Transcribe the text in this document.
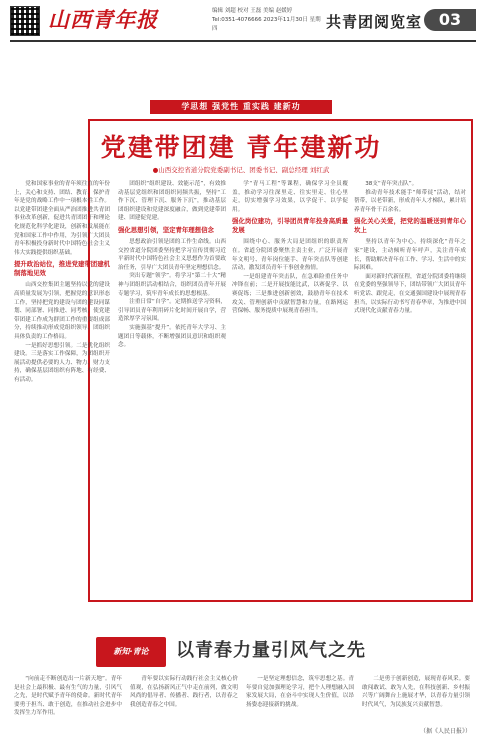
山西青年报	编辑 刘超 校对 王磊 美编 赵媛婷
Tel:0351-4076666 2023年11月30日 星期四	共青团阅览室	03
学思想 强党性 重实践 建新功
党建带团建 青年建新功
●山西交控省道分院党委副书记、团委书记、副总经理 刘红武
党和国家事业的青年须往直的年份上，关心和支持、团结、教育、保护青年是党的战略工作中一项根本性工作。以党建带团建全面从严治团推进共青团事业改革创新，促进共青团团干和理论化规范化科学化建设，创新和发展能在党和国家工作中作用，为引领广大团员青年积极投身新时代中国特色社会主义伟大实践提供组织基础。
提升政治站位，推进党建带团建机制落地见效
山西交控集团主题坚持以党的建设高质量发展为引领，把握党的意识形态工作，坚持把党的建设与团的建设同谋划、同部署、同推进、同考核，使党建带团建工作成为群团工作的重要组成部分，持续推动形成党组织领导、团组织具体负责的工作格局。
一是抓好思想引领。二是优化组织建设。三是落实工作保障，为团组织开展活动提供必要的人力、物力、财力支持，确保基层团组织有阵地、有经费、有活动。
团组织“组织建设、效能示范”，有效推动基层党组织和团组织同频共振，坚持“工作下沉、管理下沉、服务下沉”，推动基层团组织建设和党建深度融合，做到党建带团建、团建促党建。
强化思想引领，坚定青年理想信念
思想政治引领是团的工作生命线。山西交控省道分院团委坚持把学习宣传贯彻习近平新时代中国特色社会主义思想作为首要政治任务，引导广大团员青年坚定理想信念。
突出专题“领学”。将学习“第二十大”精神与团组织活动相结合，组织团员青年开展专题学习，筑牢青年成长的思想根基。
注重日常“自学”。定期推送学习资料，引导团员青年利用碎片化时间开展自学，营造浓厚学习氛围。
实施强基“提升”。依托青年大学习、主题团日等载体，不断增强团员意识和组织观念。
学“青马工程”等课程，确保学习全员覆盖，推动学习往深里走、往实里走、往心里走，切实增强学习效果，以学促干、以学促用。
强化岗位建功，引导团员青年投身高质量发展
围绕中心、服务大局是团组织的职责所在。省道分院团委聚焦主责主业，广泛开展青年文明号、青年岗位能手、青年突击队等创建活动，激发团员青年干事创业热情。
一是组建青年突击队，在急难险重任务中冲锋在前；二是开展技能比武，以赛促学、以赛促练；三是推进创新创效，鼓励青年在技术攻关、管理创新中贡献智慧和力量，在路网运营保畅、服务提质中展现青春担当。
38支“青年突击队”。
推动青年技术能手“师带徒”活动，结对帮带，以老带新，形成青年人才梯队，累计培养青年骨干百余名。
强化关心关爱，把党的温暖送到青年心坎上
坚持以青年为中心，持续深化“青年之家”建设，主动倾听青年呼声，关注青年成长，帮助解决青年在工作、学习、生活中的实际困难。
面对新时代新征程，省道分院团委将继续在党委的坚强领导下，团结带领广大团员青年听党话、跟党走，在交通强国建设中展现青春担当，以实际行动书写青春华章，为推进中国式现代化贡献青春力量。
新知·青论	以青春力量引风气之先
“向前走不断创造出一片新天地”。青年是社会上最积极、最有生气的力量，引风气之先，是时代赋予青年的使命。新时代青年要勇于担当、敢于创造，在推动社会进步中发挥生力军作用。
青年要以实际行动践行社会主义核心价值观，在弘扬新风正气中走在前列，做文明风尚的倡导者、传播者、践行者，以青春之我创造青春之中国。
一是坚定理想信念，筑牢思想之基。青年要自觉加强理论学习，把个人理想融入国家发展大局，在奋斗中实现人生价值，以昂扬姿态迎接新的挑战。
二是勇于创新创造，展现青春风采。要敢闯敢试、敢为人先，在科技创新、乡村振兴等广阔舞台上施展才华，以青春力量引领时代风气，为民族复兴贡献智慧。
（据《人民日报》）
